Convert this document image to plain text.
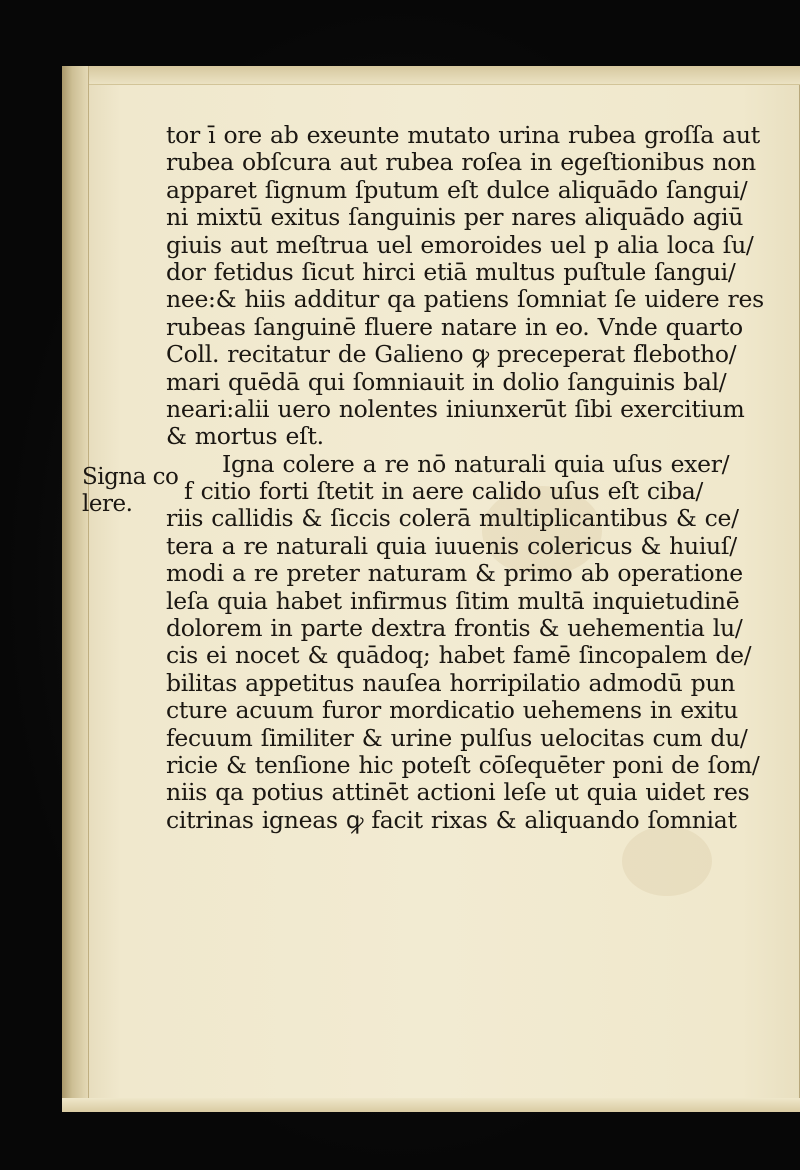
Signa co
lere.
tor ī ore ab exeunte mutato urina rubea groſſa aut
rubea obſcura aut rubea roſea in egeſtionibus non
apparet ſignum ſputum eſt dulce aliquādo ſangui/
ni mixtū exitus ſanguinis per nares aliquādo agiū
giuis aut meſtrua uel emoroides uel p alia loca ſu/
dor fetidus ſicut hirci etiā multus puſtule ſangui/
nee:& hiis additur qa patiens ſomniat ſe uidere res
rubeas ſanguinē fluere natare in eo. Vnde quarto
Coll. recitatur de Galieno ꝙ preceperat flebotho/
mari quēdā qui ſomniauit in dolio ſanguinis bal/
neari:alii uero nolentes iniunxerūt ſibi exercitium
& mortus eſt.
Igna colere a re nō naturali quia uſus exer/
f citio forti ſtetit in aere calido uſus eſt ciba/
riis callidis & ſiccis colerā multiplicantibus & ce/
tera a re naturali quia iuuenis colericus & huiuſ/
modi a re preter naturam & primo ab operatione
leſa quia habet infirmus ſitim multā inquietudinē
dolorem in parte dextra frontis & uehementia lu/
cis ei nocet & quādoq; habet famē ſincopalem de/
bilitas appetitus nauſea horripilatio admodū pun
cture acuum furor mordicatio uehemens in exitu
fecuum ſimiliter & urine pulſus uelocitas cum du/
ricie & tenſione hic poteſt cōſequēter poni de ſom/
niis qa potius attinēt actioni leſe ut quia uidet res
citrinas igneas ꝙ facit rixas & aliquando ſomniat
